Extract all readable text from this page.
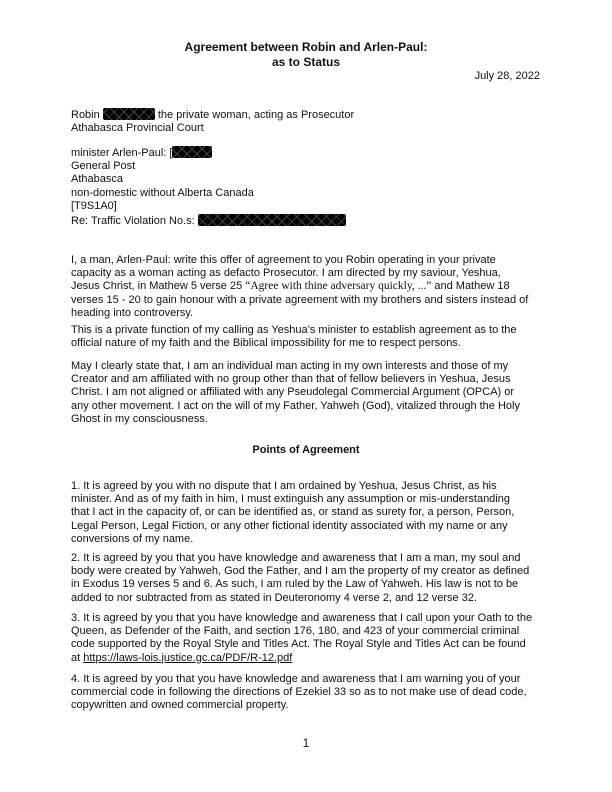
Agreement between Robin and Arlen-Paul:
as to Status
July 28, 2022
Robin	the private woman, acting as Prosecutor
Athabasca Provincial Court
minister Arlen-Paul: [
General Post
Athabasca
non-domestic without Alberta Canada
[T9S1A0]
Re: Traffic Violation No.s:
I, a man, Arlen-Paul: write this offer of agreement to you Robin operating in your private
capacity as a woman acting as defacto Prosecutor. I am directed by my saviour, Yeshua,
Jesus Christ, in Mathew 5 verse 25 “Agree with thine adversary quickly, ...” and Mathew 18
verses 15 - 20 to gain honour with a private agreement with my brothers and sisters instead of
heading into controversy.
This is a private function of my calling as Yeshua’s minister to establish agreement as to the
official nature of my faith and the Biblical impossibility for me to respect persons.
May I clearly state that, I am an individual man acting in my own interests and those of my
Creator and am affiliated with no group other than that of fellow believers in Yeshua, Jesus
Christ. I am not aligned or affiliated with any Pseudolegal Commercial Argument (OPCA) or
any other movement. I act on the will of my Father, Yahweh (God), vitalized through the Holy
Ghost in my consciousness.
Points of Agreement
1. It is agreed by you with no dispute that I am ordained by Yeshua, Jesus Christ, as his
minister. And as of my faith in him, I must extinguish any assumption or mis-understanding
that I act in the capacity of, or can be identified as, or stand as surety for, a person, Person,
Legal Person, Legal Fiction, or any other fictional identity associated with my name or any
conversions of my name.
2. It is agreed by you that you have knowledge and awareness that I am a man, my soul and
body were created by Yahweh, God the Father, and I am the property of my creator as defined
in Exodus 19 verses 5 and 6. As such, I am ruled by the Law of Yahweh. His law is not to be
added to nor subtracted from as stated in Deuteronomy 4 verse 2, and 12 verse 32.
3. It is agreed by you that you have knowledge and awareness that I call upon your Oath to the
Queen, as Defender of the Faith, and section 176, 180, and 423 of your commercial criminal
code supported by the Royal Style and Titles Act. The Royal Style and Titles Act can be found
at https://laws-lois.justice.gc.ca/PDF/R-12.pdf
4. It is agreed by you that you have knowledge and awareness that I am warning you of your
commercial code in following the directions of Ezekiel 33 so as to not make use of dead code,
copywritten and owned commercial property.
1
